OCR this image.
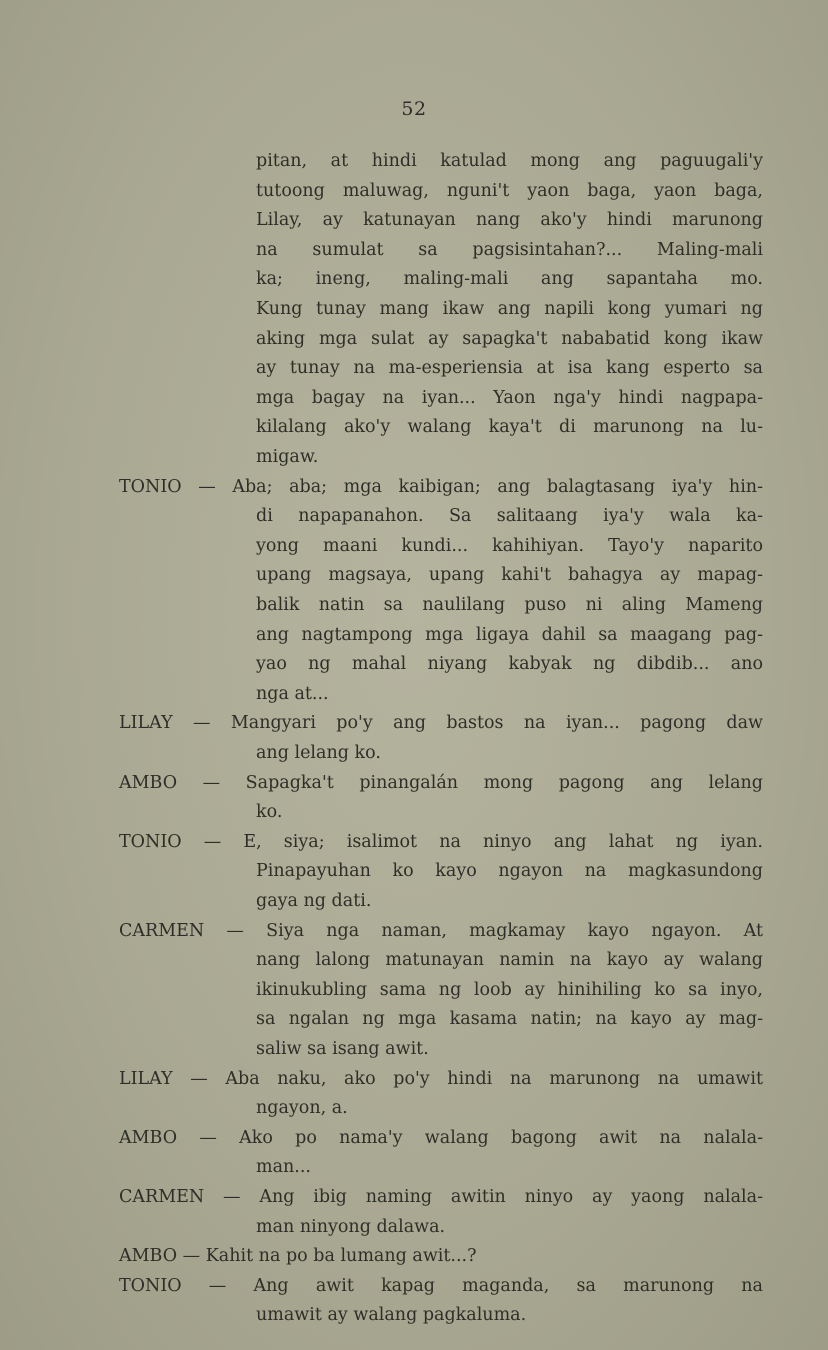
52
pitan, at hindi katulad mong ang paguugali'y
tutoong maluwag, nguni't yaon baga, yaon baga,
Lilay, ay katunayan nang ako'y hindi marunong
na sumulat sa pagsisintahan?... Maling-mali
ka; ineng, maling-mali ang sapantaha mo.
Kung tunay mang ikaw ang napili kong yumari ng
aking mga sulat ay sapagka't nababatid kong ikaw
ay tunay na ma-esperiensia at isa kang esperto sa
mga bagay na iyan... Yaon nga'y hindi nagpapa-
kilalang ako'y walang kaya't di marunong na lu-
migaw.
TONIO — Aba; aba; mga kaibigan; ang balagtasang iya'y hin-
di napapanahon. Sa salitaang iya'y wala ka-
yong maani kundi... kahihiyan. Tayo'y naparito
upang magsaya, upang kahi't bahagya ay mapag-
balik natin sa naulilang puso ni aling Mameng
ang nagtampong mga ligaya dahil sa maagang pag-
yao ng mahal niyang kabyak ng dibdib... ano
nga at...
LILAY — Mangyari po'y ang bastos na iyan... pagong daw
ang lelang ko.
AMBO — Sapagka't pinangalán mong pagong ang lelang
ko.
TONIO — E, siya; isalimot na ninyo ang lahat ng iyan.
Pinapayuhan ko kayo ngayon na magkasundong
gaya ng dati.
CARMEN — Siya nga naman, magkamay kayo ngayon. At
nang lalong matunayan namin na kayo ay walang
ikinukubling sama ng loob ay hinihiling ko sa inyo,
sa ngalan ng mga kasama natin; na kayo ay mag-
saliw sa isang awit.
LILAY — Aba naku, ako po'y hindi na marunong na umawit
ngayon, a.
AMBO — Ako po nama'y walang bagong awit na nalala-
man...
CARMEN — Ang ibig naming awitin ninyo ay yaong nalala-
man ninyong dalawa.
AMBO — Kahit na po ba lumang awit...?
TONIO — Ang awit kapag maganda, sa marunong na
umawit ay walang pagkaluma.
